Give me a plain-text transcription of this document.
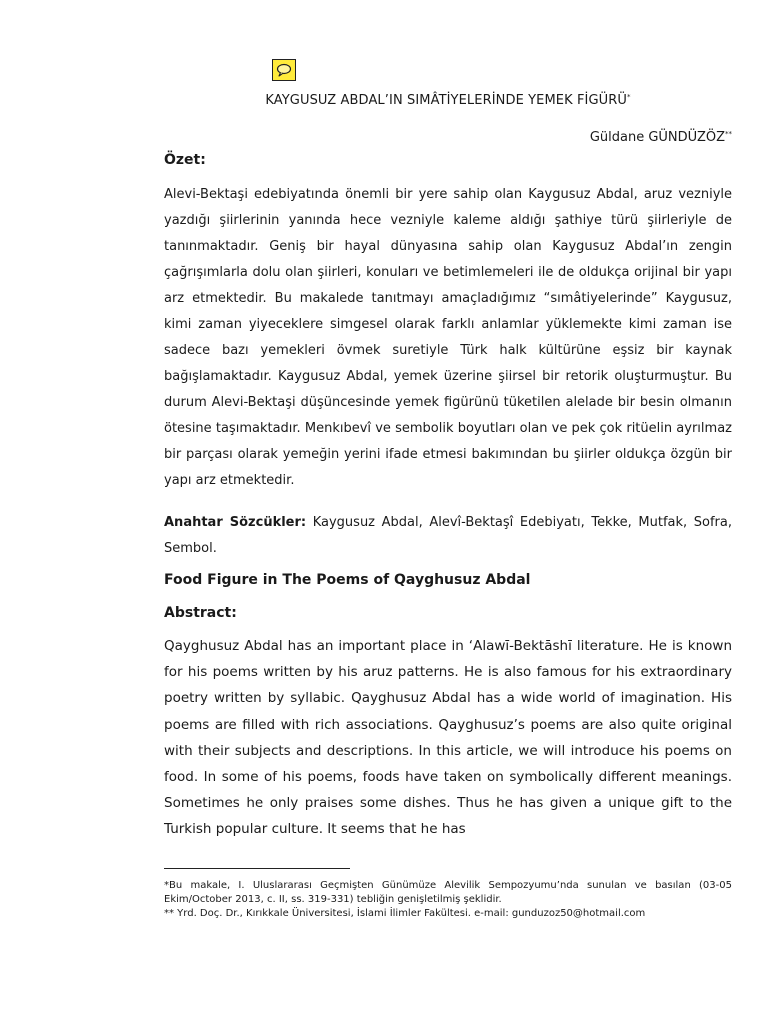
KAYGUSUZ ABDAL’IN SIMÂTİYELERİNDE YEMEK FİGÜRÜ*
Güldane GÜNDÜZÖZ**
Özet:

Alevi-Bektaşi edebiyatında önemli bir yere sahip olan Kaygusuz Abdal, aruz vezniyle yazdığı şiirlerinin yanında hece vezniyle kaleme aldığı şathiye türü şiirleriyle de tanınmaktadır. Geniş bir hayal dünyasına sahip olan Kaygusuz Abdal’ın zengin çağrışımlarla dolu olan şiirleri, konuları ve betimlemeleri ile de oldukça orijinal bir yapı arz etmektedir. Bu makalede tanıtmayı amaçladığımız “sımâtiyelerinde” Kaygusuz, kimi zaman yiyeceklere simgesel olarak farklı anlamlar yüklemekte kimi zaman ise sadece bazı yemekleri övmek suretiyle Türk halk kültürüne eşsiz bir kaynak bağışlamaktadır. Kaygusuz Abdal, yemek üzerine şiirsel bir retorik oluşturmuştur. Bu durum Alevi-Bektaşi düşüncesinde yemek figürünü tüketilen alelade bir besin olmanın ötesine taşımaktadır. Menkıbevî ve sembolik boyutları olan ve pek çok ritüelin ayrılmaz bir parçası olarak yemeğin yerini ifade etmesi bakımından bu şiirler oldukça özgün bir yapı arz etmektedir.

Anahtar Sözcükler: Kaygusuz Abdal, Alevî-Bektaşî Edebiyatı, Tekke, Mutfak, Sofra, Sembol.

Food Figure in The Poems of Qayghusuz Abdal
Abstract:

Qayghusuz Abdal has an important place in ‘Alawī-Bektāshī literature. He is known for his poems written by his aruz patterns. He is also famous for his extraordinary poetry written by syllabic. Qayghusuz Abdal has a wide world of imagination. His poems are filled with rich associations. Qayghusuz’s poems are also quite original with their subjects and descriptions. In this article, we will introduce his poems on food. In some of his poems, foods have taken on symbolically different meanings. Sometimes he only praises some dishes. Thus he has given a unique gift to the Turkish popular culture. It seems that he has

*Bu makale, I. Uluslararası Geçmişten Günümüze Alevilik Sempozyumu’nda sunulan ve basılan (03-05 Ekim/October 2013, c. II, ss. 319-331) tebliğin genişletilmiş şeklidir.

** Yrd. Doç. Dr., Kırıkkale Üniversitesi, İslami İlimler Fakültesi. e-mail: gunduzoz50@hotmail.com
